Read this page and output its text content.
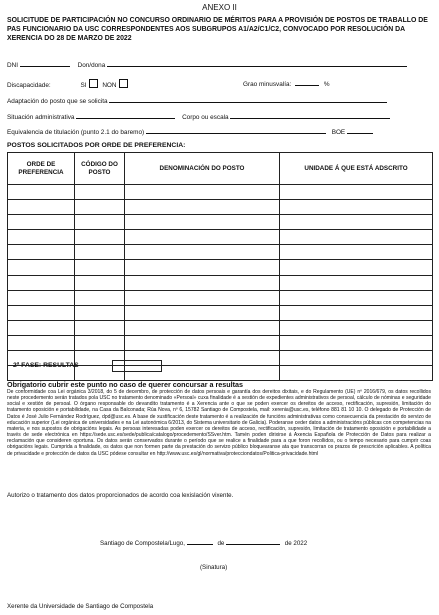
ANEXO II
SOLICITUDE DE PARTICIPACIÓN NO CONCURSO ORDINARIO DE MÉRITOS PARA A PROVISIÓN DE POSTOS DE TRABALLO DE PAS FUNCIONARIO DA USC CORRESPONDENTES AOS SUBGRUPOS A1/A2/C1/C2, CONVOCADO POR RESOLUCIÓN DA XERENCIA DO 28 DE MARZO DE 2022
DNI	Don/dona
Discapacidade:	SI NON	Grao minusvalía:	%
Adaptación do posto que se solicita
Situación administrativa	Corpo ou escala
Equivalencia de titulación (punto 2.1 do baremo)	BOE
POSTOS SOLICITADOS POR ORDE DE PREFERENCIA:
ORDE DE PREFERENCIA	CÓDIGO DO POSTO	DENOMINACIÓN DO POSTO	UNIDADE Á QUE ESTÁ ADSCRITO

2ª FASE: RESULTAS
Obrigatorio cubrir este punto no caso de querer concursar a resultas
De conformidade coa Lei orgánica 3/2018, do 5 de decembro, de protección de datos persoais e garantía dos dereitos dixitais, e do Regulamento (UE) nº 2016/679, os datos recollidos neste procedemento serán tratados pola USC no tratamento denominado «Persoal» cuxa finalidade é a xestión de expedientes administrativos de persoal, cálculo de nóminas e seguridade social e xestión de persoal. O órgano responsable do devandito tratamento é a Xerencia ante o que se poden exercer os dereitos de acceso, rectificación, supresión, limitación do tratamento oposición e portabilidade, na Casa da Balconada; Rúa Nova, nº 6, 15782 Santiago de Compostela, mail: xerenia@usc.es, teléfono 881 81 10 10. O delegado de Protección de Datos é José Julio Fernández Rodríguez, dpd@usc.es. A base de xustificación deste tratamento é a realización de funcións administrativas como consecuencia da prestación do servizo de educación superior (Lei orgánica de universidades e na Lei autonómica 6/2013, do Sistema universitario de Galicia). Poderanse ceder datos a administracións públicas con competencias na materia, e nos supostos de obrigacións legais. As persoas interesadas poden exercer os dereitos de acceso, rectificación, supresión, limitación de tratamento oposición e portabilidade a través de sede electrónica en https://sede.usc.es/sede/publica/catalogo/procedemento/SSver.htm. Tamén poden dirixirse á Axencia Española de Protección de Datos para realizar a reclamación que consideren oportuna. Os datos serán conservados durante o período que se realice a finalidade para a que foron recollidos, ou o tempo necesario para cumprir coas obrigacións legais. Cumprida a finalidade, os datos que non formen parte da prestación do servizo público bloquearanse ata que transcorran os prazos de prescrición aplicables. A política de privacidade e protección de datos da USC pódese consultar en http://www.usc.es/gl/normativa/protecciondatos/Politica-privacidade.html
Autorizo o tratamento dos datos proporcionados de acordo coa lexislación vixente.
Santiago de Compostela/Lugo,	de	de 2022
(Sinatura)
Xerente da Universidade de Santiago de Compostela
